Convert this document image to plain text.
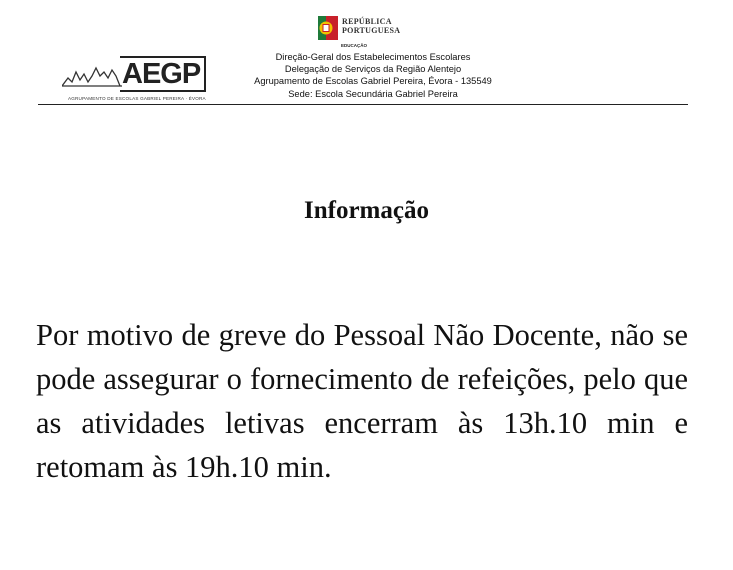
REPÚBLICA
PORTUGUESA
EDUCAÇÃO
AEGP
AGRUPAMENTO DE ESCOLAS GABRIEL PEREIRA · ÉVORA
Direção-Geral dos Estabelecimentos Escolares
Delegação de Serviços da Região Alentejo
Agrupamento de Escolas Gabriel Pereira, Évora - 135549
Sede: Escola Secundária Gabriel Pereira
Informação
Por motivo de greve do Pessoal Não Docente, não se pode assegurar o fornecimento de refeições, pelo que as atividades letivas encerram às 13h.10 min e retomam às 19h.10 min.
